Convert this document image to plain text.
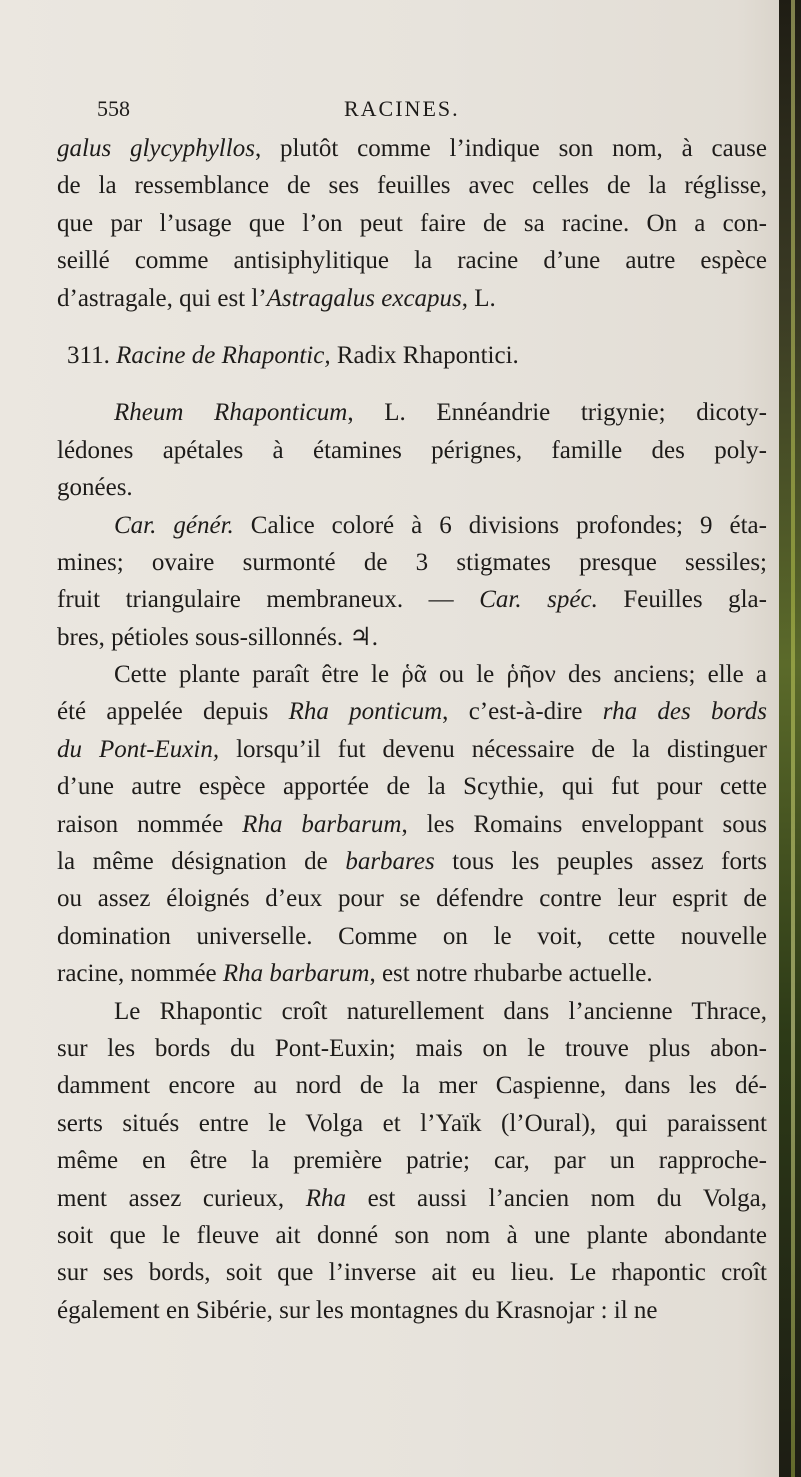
558	RACINES.
galus glycyphyllos, plutôt comme l’indique son nom, à cause
de la ressemblance de ses feuilles avec celles de la réglisse,
que par l’usage que l’on peut faire de sa racine. On a con-
seillé comme antisiphylitique la racine d’une autre espèce
d’astragale, qui est l’Astragalus excapus, L.
311. Racine de Rhapontic, Radix Rhapontici.
Rheum Rhaponticum, L. Ennéandrie trigynie; dicoty-
lédones apétales à étamines pérignes, famille des poly-
gonées.
Car. génér. Calice coloré à 6 divisions profondes; 9 éta-
mines; ovaire surmonté de 3 stigmates presque sessiles;
fruit triangulaire membraneux. — Car. spéc. Feuilles gla-
bres, pétioles sous-sillonnés. ♃.
Cette plante paraît être le ῥᾶ ou le ῥῆον des anciens; elle a
été appelée depuis Rha ponticum, c’est-à-dire rha des bords
du Pont-Euxin, lorsqu’il fut devenu nécessaire de la distinguer
d’une autre espèce apportée de la Scythie, qui fut pour cette
raison nommée Rha barbarum, les Romains enveloppant sous
la même désignation de barbares tous les peuples assez forts
ou assez éloignés d’eux pour se défendre contre leur esprit de
domination universelle. Comme on le voit, cette nouvelle
racine, nommée Rha barbarum, est notre rhubarbe actuelle.
Le Rhapontic croît naturellement dans l’ancienne Thrace,
sur les bords du Pont-Euxin; mais on le trouve plus abon-
damment encore au nord de la mer Caspienne, dans les dé-
serts situés entre le Volga et l’Yaïk (l’Oural), qui paraissent
même en être la première patrie; car, par un rapproche-
ment assez curieux, Rha est aussi l’ancien nom du Volga,
soit que le fleuve ait donné son nom à une plante abondante
sur ses bords, soit que l’inverse ait eu lieu. Le rhapontic croît
également en Sibérie, sur les montagnes du Krasnojar : il ne
